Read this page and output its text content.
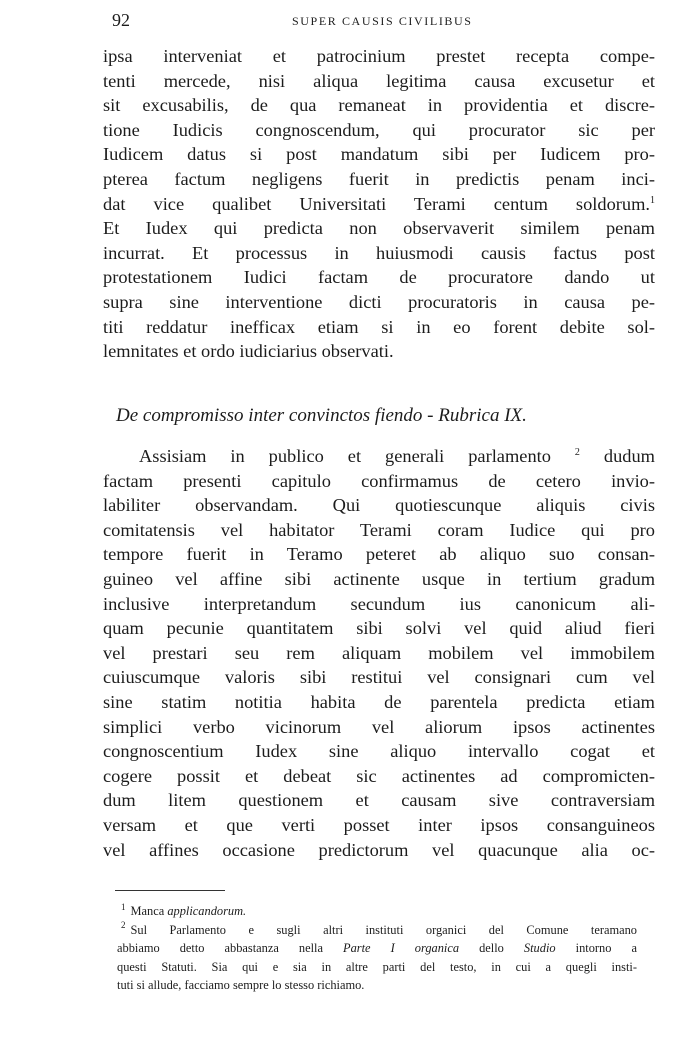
92	SUPER CAUSIS CIVILIBUS
ipsa interveniat et patrocinium prestet recepta compe-
tenti mercede, nisi aliqua legitima causa excusetur et
sit excusabilis, de qua remaneat in providentia et discre-
tione Iudicis congnoscendum, qui procurator sic per
Iudicem datus si post mandatum sibi per Iudicem pro-
pterea factum negligens fuerit in predictis penam inci-
dat vice qualibet Universitati Terami centum soldorum.$^1$
Et Iudex qui predicta non observaverit similem penam
incurrat. Et processus in huiusmodi causis factus post
protestationem Iudici factam de procuratore dando ut
supra sine interventione dicti procuratoris in causa pe-
titi reddatur inefficax etiam si in eo forent debite sol-
lemnitates et ordo iudiciarius observati.
De compromisso inter convinctos fiendo - Rubrica IX.
Assisiam in publico et generali parlamento $^2$ dudum
factam presenti capitulo confirmamus de cetero invio-
labiliter observandam. Qui quotiescunque aliquis civis
comitatensis vel habitator Terami coram Iudice qui pro
tempore fuerit in Teramo peteret ab aliquo suo consan-
guineo vel affine sibi actinente usque in tertium gradum
inclusive interpretandum secundum ius canonicum ali-
quam pecunie quantitatem sibi solvi vel quid aliud fieri
vel prestari seu rem aliquam mobilem vel immobilem
cuiuscumque valoris sibi restitui vel consignari cum vel
sine statim notitia habita de parentela predicta etiam
simplici verbo vicinorum vel aliorum ipsos actinentes
congnoscentium Iudex sine aliquo intervallo cogat et
cogere possit et debeat sic actinentes ad compromicten-
dum litem questionem et causam sive contraversiam
versam et que verti posset inter ipsos consanguineos
vel affines occasione predictorum vel quacunque alia oc-
$^1$ Manca applicandorum.
$^2$ Sul Parlamento e sugli altri instituti organici del Comune teramano
abbiamo detto abbastanza nella Parte I organica dello Studio intorno a
questi Statuti. Sia qui e sia in altre parti del testo, in cui a quegli insti-
tuti si allude, facciamo sempre lo stesso richiamo.
